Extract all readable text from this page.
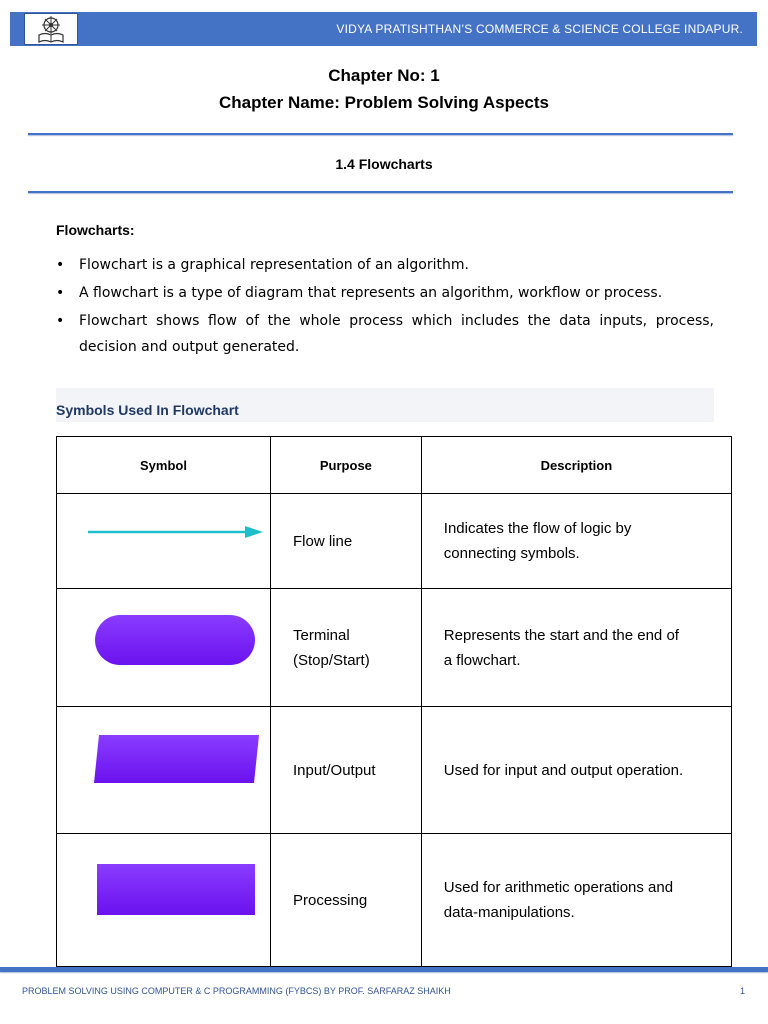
VIDYA PRATISHTHAN’S COMMERCE & SCIENCE COLLEGE INDAPUR.
Chapter No: 1
Chapter Name: Problem Solving Aspects
1.4 Flowcharts
Flowcharts:
• Flowchart is a graphical representation of an algorithm.
• A flowchart is a type of diagram that represents an algorithm, workflow or process.
• Flowchart shows flow of the whole process which includes the data inputs, process, decision and output generated.
Symbols Used In Flowchart
Symbol	Purpose	Description
	Flow line	Indicates the flow of logic by
connecting symbols.

	Terminal
(Stop/Start)	Represents the start and the end of
a flowchart.
	Input/Output	Used for input and output operation.
	Processing	Used for arithmetic operations and
data-manipulations.
PROBLEM SOLVING USING COMPUTER & C PROGRAMMING (FYBCS) BY PROF. SARFARAZ SHAIKH	1
